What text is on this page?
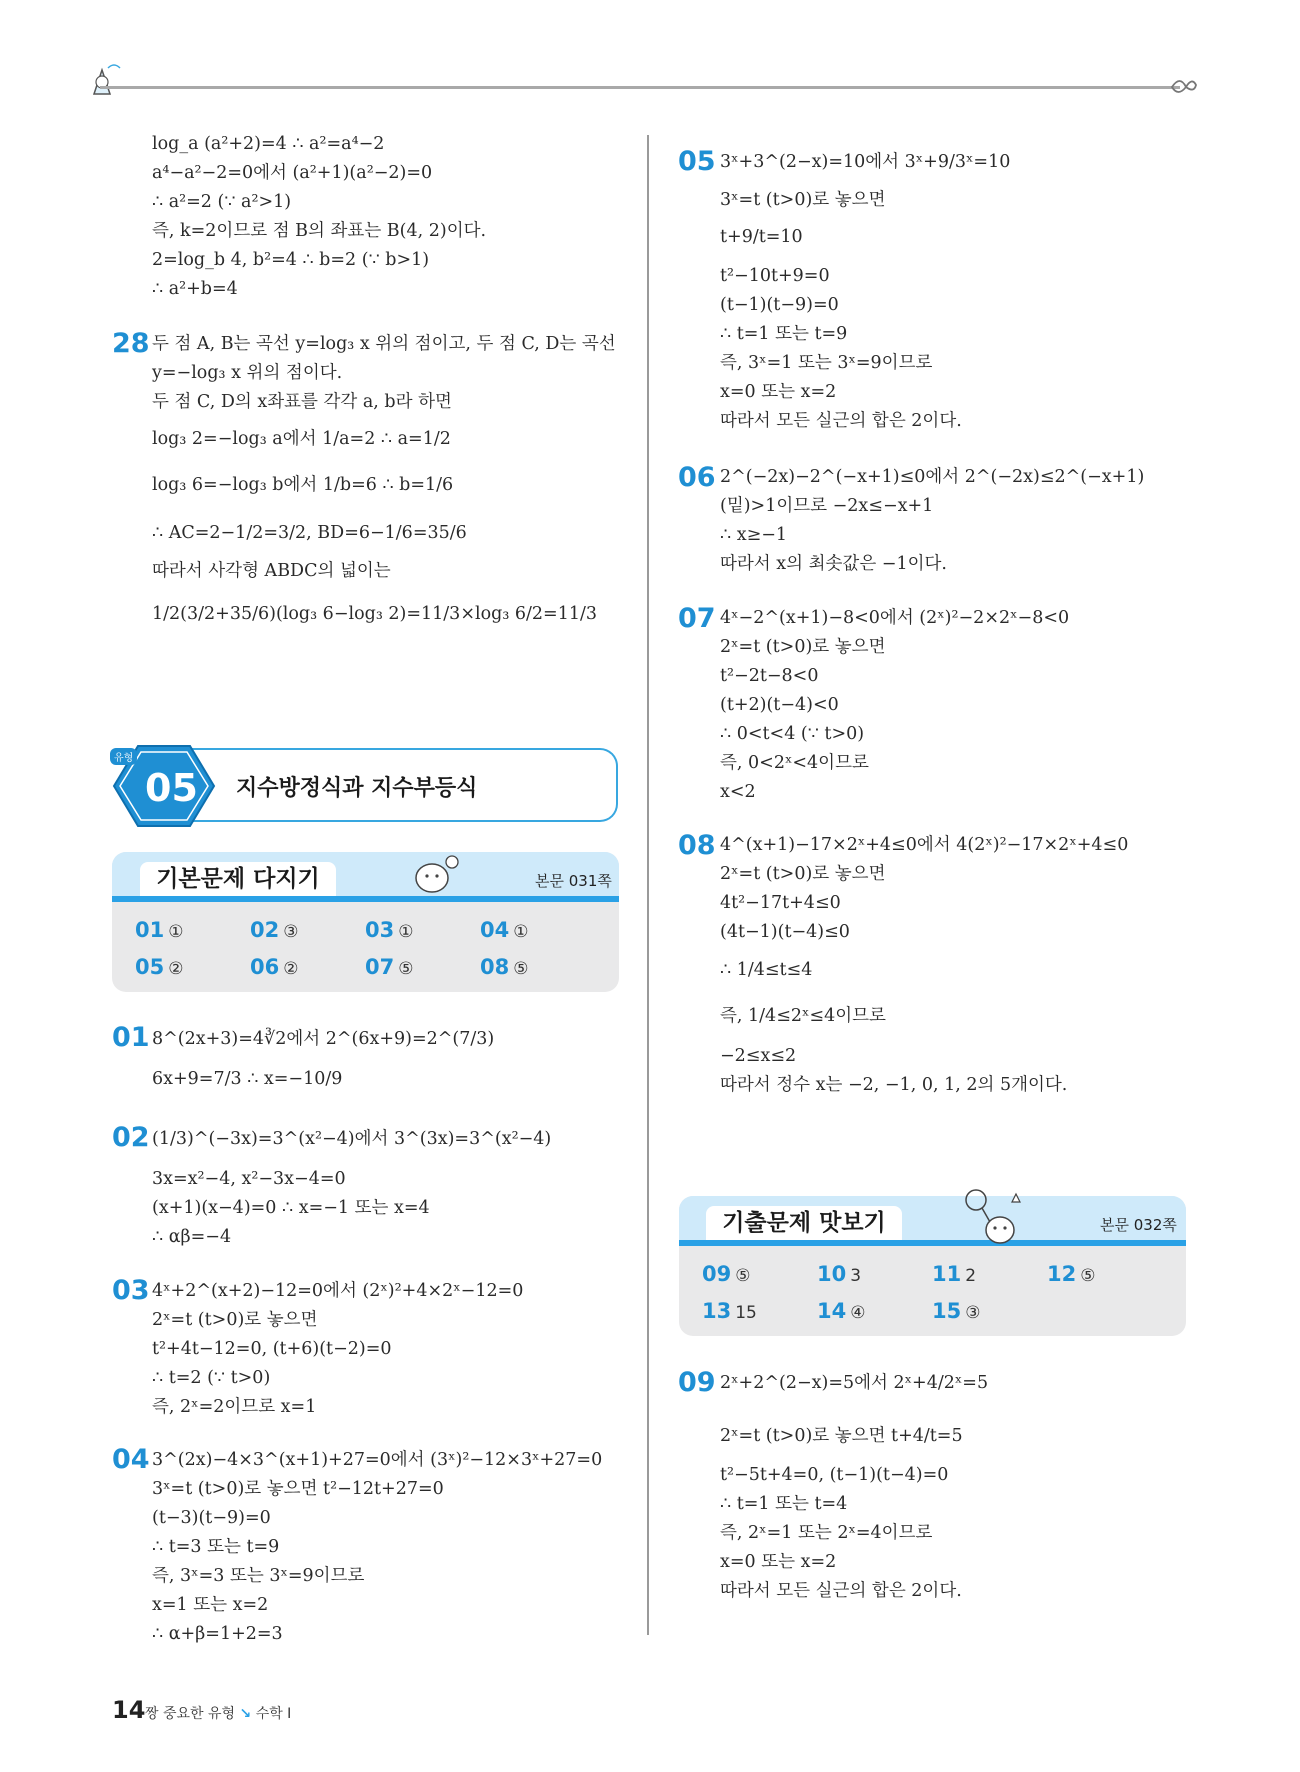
log_a (a²+2)=4 ∴ a²=a⁴−2
a⁴−a²−2=0에서 (a²+1)(a²−2)=0
∴ a²=2 (∵ a²>1)
즉, k=2이므로 점 B의 좌표는 B(4, 2)이다.
2=log_b 4, b²=4 ∴ b=2 (∵ b>1)
∴ a²+b=4
28 두 점 A, B는 곡선 y=log₃ x 위의 점이고, 두 점 C, D는 곡선
y=−log₃ x 위의 점이다.
두 점 C, D의 x좌표를 각각 a, b라 하면
log₃ 2=−log₃ a에서 1/a=2 ∴ a=1/2
log₃ 6=−log₃ b에서 1/b=6 ∴ b=1/6
∴ AC=2−1/2=3/2, BD=6−1/6=35/6
따라서 사각형 ABDC의 넓이는
1/2(3/2+35/6)(log₃ 6−log₃ 2)=11/3×log₃ 6/2=11/3
유형
05 지수방정식과 지수부등식
기본문제 다지기	본문 031쪽
01 ①	02 ③	03 ①	04 ①
05 ②	06 ②	07 ⑤	08 ⑤
01 8^(2x+3)=4∛2에서 2^(6x+9)=2^(7/3)
6x+9=7/3 ∴ x=−10/9
02 (1/3)^(−3x)=3^(x²−4)에서 3^(3x)=3^(x²−4)
3x=x²−4, x²−3x−4=0
(x+1)(x−4)=0 ∴ x=−1 또는 x=4
∴ αβ=−4
03 4ˣ+2^(x+2)−12=0에서 (2ˣ)²+4×2ˣ−12=0
2ˣ=t (t>0)로 놓으면
t²+4t−12=0, (t+6)(t−2)=0
∴ t=2 (∵ t>0)
즉, 2ˣ=2이므로 x=1
04 3^(2x)−4×3^(x+1)+27=0에서 (3ˣ)²−12×3ˣ+27=0
3ˣ=t (t>0)로 놓으면 t²−12t+27=0
(t−3)(t−9)=0
∴ t=3 또는 t=9
즉, 3ˣ=3 또는 3ˣ=9이므로
x=1 또는 x=2
∴ α+β=1+2=3
05 3ˣ+3^(2−x)=10에서 3ˣ+9/3ˣ=10
3ˣ=t (t>0)로 놓으면
t+9/t=10
t²−10t+9=0
(t−1)(t−9)=0
∴ t=1 또는 t=9
즉, 3ˣ=1 또는 3ˣ=9이므로
x=0 또는 x=2
따라서 모든 실근의 합은 2이다.
06 2^(−2x)−2^(−x+1)≤0에서 2^(−2x)≤2^(−x+1)
(밑)>1이므로 −2x≤−x+1
∴ x≥−1
따라서 x의 최솟값은 −1이다.
07 4ˣ−2^(x+1)−8<0에서 (2ˣ)²−2×2ˣ−8<0
2ˣ=t (t>0)로 놓으면
t²−2t−8<0
(t+2)(t−4)<0
∴ 0<t<4 (∵ t>0)
즉, 0<2ˣ<4이므로
x<2
08 4^(x+1)−17×2ˣ+4≤0에서 4(2ˣ)²−17×2ˣ+4≤0
2ˣ=t (t>0)로 놓으면
4t²−17t+4≤0
(4t−1)(t−4)≤0
∴ 1/4≤t≤4
즉, 1/4≤2ˣ≤4이므로
−2≤x≤2
따라서 정수 x는 −2, −1, 0, 1, 2의 5개이다.
기출문제 맛보기	본문 032쪽
09 ⑤	10 3	11 2	12 ⑤
13 15	14 ④	15 ③
09 2ˣ+2^(2−x)=5에서 2ˣ+4/2ˣ=5
2ˣ=t (t>0)로 놓으면 t+4/t=5
t²−5t+4=0, (t−1)(t−4)=0
∴ t=1 또는 t=4
즉, 2ˣ=1 또는 2ˣ=4이므로
x=0 또는 x=2
따라서 모든 실근의 합은 2이다.
14 짱 중요한 유형 ↘ 수학 Ⅰ
